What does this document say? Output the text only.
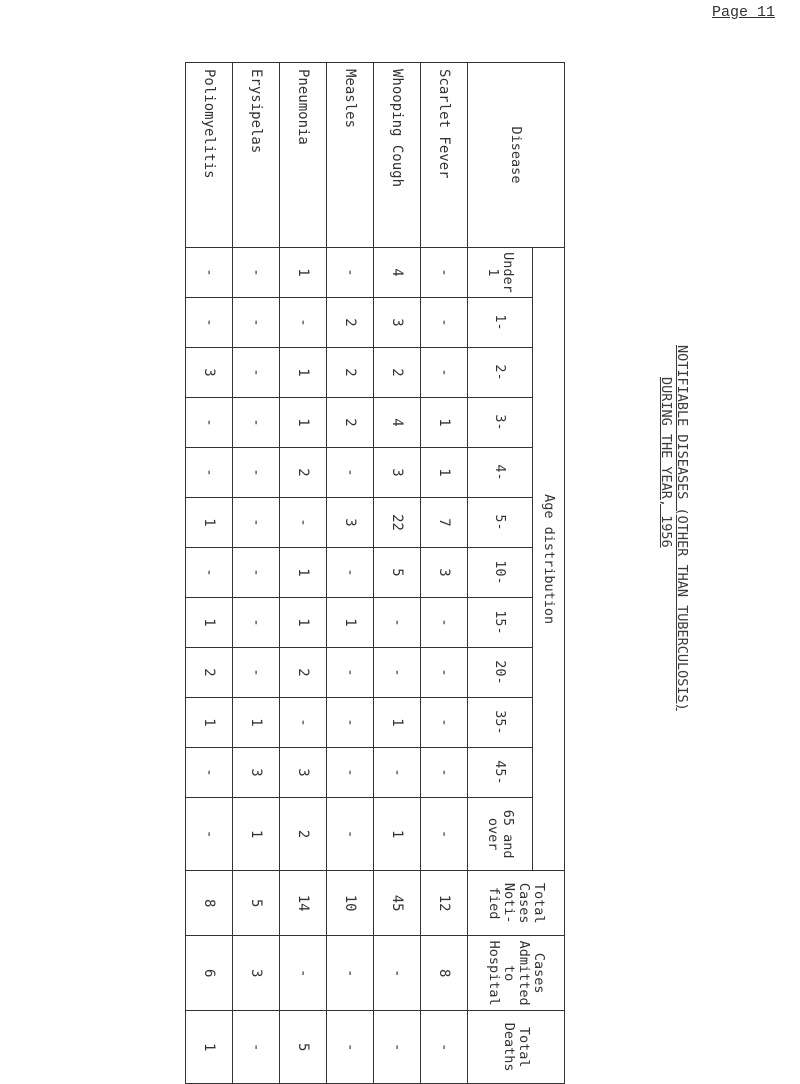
Page 11
NOTIFIABLE DISEASES (OTHER THAN TUBERCULOSIS)
DURING THE YEAR, 1956
Disease	Age distribution												Total Cases Noti- fied	Cases Admitted to Hospital	Total Deaths
	Under 1	1-	2-	3-	4-	5-	10-	15-	20-	35-	45-	65 and over			
Scarlet Fever	-	-	-	1	1	7	3	-	-	-	-	-	12	8	-
Whooping Cough	4	3	2	4	3	22	5	-	-	1	-	1	45	-	-
Measles	-	2	2	2	-	3	-	1	-	-	-	-	10	-	-
Pneumonia	1	-	1	1	2	-	1	1	2	-	3	2	14	-	5
Erysipelas	-	-	-	-	-	-	-	-	-	1	3	1	5	3	-
Poliomyelitis	-	-	3	-	-	1	-	1	2	1	-	-	8	6	1
